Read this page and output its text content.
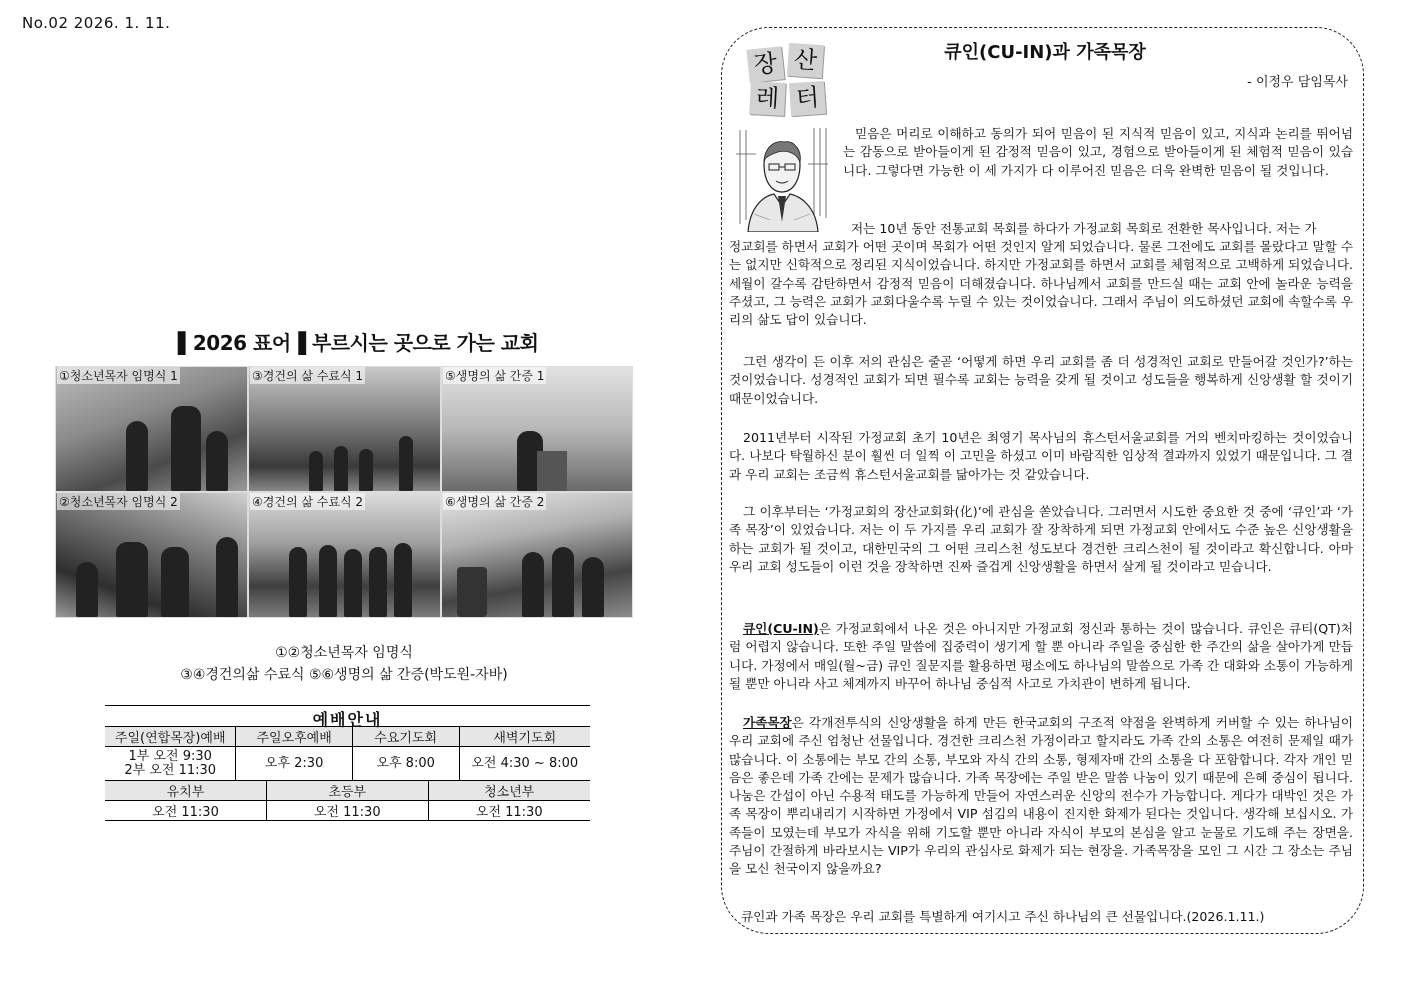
No.02 2026. 1. 11.
▌2026 표어▐ 부르시는 곳으로 가는 교회
①청소년목자 임명식 1	③경건의 삶 수료식 1	⑤생명의 삶 간증 1
②청소년목자 임명식 2	④경건의 삶 수료식 2	⑥생명의 삶 간증 2
①②청소년목자 임명식
③④경건의삶 수료식 ⑤⑥생명의 삶 간증(박도원-자바)
예배안내
주일(연합목장)예배	주일오후예배	수요기도회	새벽기도회

1부 오전 9:30
2부 오전 11:30	오후 2:30	오후 8:00	오전 4:30 ~ 8:00
유치부	초등부	청소년부
오전 11:30	오전 11:30	오전 11:30
장 산
레 터
큐인(CU-IN)과 가족목장
- 이정우 담임목사
믿음은 머리로 이해하고 동의가 되어 믿음이 된 지식적 믿음이 있고, 지식과 논리를 뛰어넘는 감동으로 받아들이게 된 감정적 믿음이 있고, 경험으로 받아들이게 된 체험적 믿음이 있습니다. 그렇다면 가능한 이 세 가지가 다 이루어진 믿음은 더욱 완벽한 믿음이 될 것입니다.
저는 10년 동안 전통교회 목회를 하다가 가정교회 목회로 전환한 목사입니다. 저는 가
정교회를 하면서 교회가 어떤 곳이며 목회가 어떤 것인지 알게 되었습니다. 물론 그전에도 교회를 몰랐다고 말할 수는 없지만 신학적으로 정리된 지식이었습니다. 하지만 가정교회를 하면서 교회를 체험적으로 고백하게 되었습니다. 세월이 갈수록 감탄하면서 감정적 믿음이 더해졌습니다. 하나님께서 교회를 만드실 때는 교회 안에 놀라운 능력을 주셨고, 그 능력은 교회가 교회다울수록 누릴 수 있는 것이었습니다. 그래서 주님이 의도하셨던 교회에 속할수록 우리의 삶도 답이 있습니다.
그런 생각이 든 이후 저의 관심은 줄곧 ‘어떻게 하면 우리 교회를 좀 더 성경적인 교회로 만들어갈 것인가?’하는 것이었습니다. 성경적인 교회가 되면 필수록 교회는 능력을 갖게 될 것이고 성도들을 행복하게 신앙생활 할 것이기 때문이었습니다.
2011년부터 시작된 가정교회 초기 10년은 최영기 목사님의 휴스턴서울교회를 거의 벤치마킹하는 것이었습니다. 나보다 탁월하신 분이 훨씬 더 일찍 이 고민을 하셨고 이미 바람직한 임상적 결과까지 있었기 때문입니다. 그 결과 우리 교회는 조금씩 휴스턴서울교회를 닮아가는 것 같았습니다.
그 이후부터는 ‘가정교회의 장산교회화(化)’에 관심을 쏟았습니다. 그러면서 시도한 중요한 것 중에 ‘큐인’과 ‘가족 목장’이 있었습니다. 저는 이 두 가지를 우리 교회가 잘 장착하게 되면 가정교회 안에서도 수준 높은 신앙생활을 하는 교회가 될 것이고, 대한민국의 그 어떤 크리스천 성도보다 경건한 크리스천이 될 것이라고 확신합니다. 아마 우리 교회 성도들이 이런 것을 장착하면 진짜 즐겁게 신앙생활을 하면서 살게 될 것이라고 믿습니다.
큐인(CU-IN)은 가정교회에서 나온 것은 아니지만 가정교회 정신과 통하는 것이 많습니다. 큐인은 큐티(QT)처럼 어렵지 않습니다. 또한 주일 말씀에 집중력이 생기게 할 뿐 아니라 주일을 중심한 한 주간의 삶을 살아가게 만듭니다. 가정에서 매일(월~금) 큐인 질문지를 활용하면 평소에도 하나님의 말씀으로 가족 간 대화와 소통이 가능하게 될 뿐만 아니라 사고 체계까지 바꾸어 하나님 중심적 사고로 가치관이 변하게 됩니다.
가족목장은 각개전투식의 신앙생활을 하게 만든 한국교회의 구조적 약점을 완벽하게 커버할 수 있는 하나님이 우리 교회에 주신 엄청난 선물입니다. 경건한 크리스천 가정이라고 할지라도 가족 간의 소통은 여전히 문제일 때가 많습니다. 이 소통에는 부모 간의 소통, 부모와 자식 간의 소통, 형제자매 간의 소통을 다 포함합니다. 각자 개인 믿음은 좋은데 가족 간에는 문제가 많습니다. 가족 목장에는 주일 받은 말씀 나눔이 있기 때문에 은혜 중심이 됩니다. 나눔은 간섭이 아닌 수용적 태도를 가능하게 만들어 자연스러운 신앙의 전수가 가능합니다. 게다가 대박인 것은 가족 목장이 뿌리내리기 시작하면 가정에서 VIP 섬김의 내용이 진지한 화제가 된다는 것입니다. 생각해 보십시오. 가족들이 모였는데 부모가 자식을 위해 기도할 뿐만 아니라 자식이 부모의 본심을 알고 눈물로 기도해 주는 장면을. 주님이 간절하게 바라보시는 VIP가 우리의 관심사로 화제가 되는 현장을. 가족목장을 모인 그 시간 그 장소는 주님을 모신 천국이지 않을까요?
큐인과 가족 목장은 우리 교회를 특별하게 여기시고 주신 하나님의 큰 선물입니다.(2026.1.11.)
